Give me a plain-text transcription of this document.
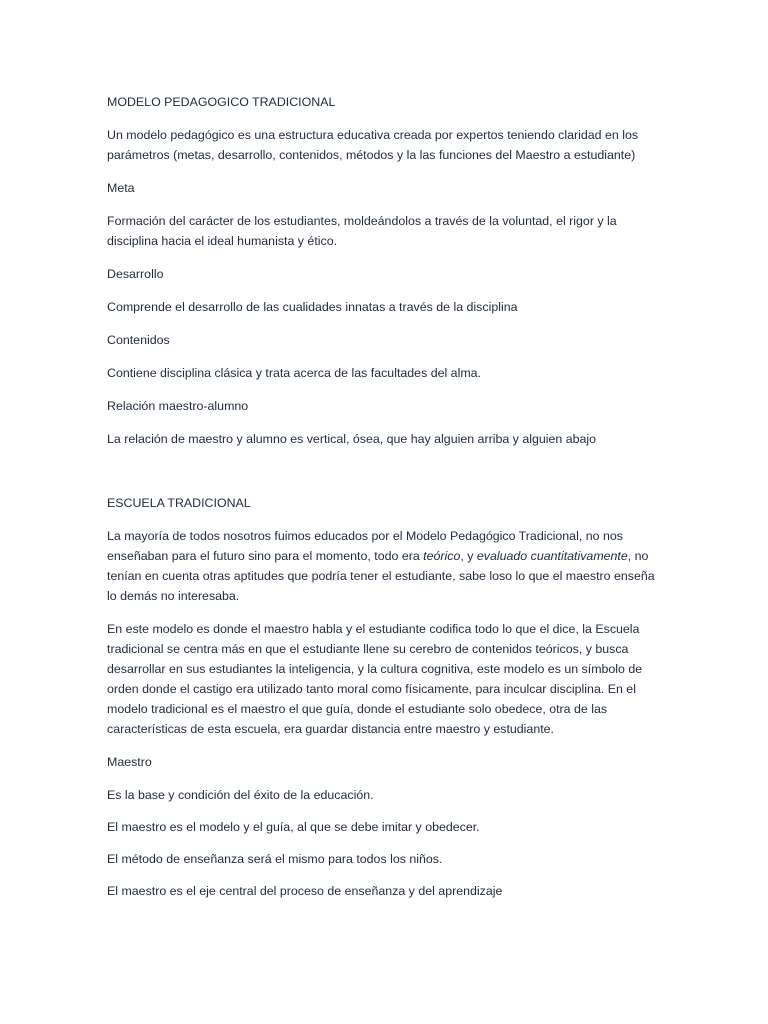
MODELO PEDAGOGICO TRADICIONAL

Un modelo pedagógico es una estructura educativa creada por expertos teniendo claridad en los parámetros (metas, desarrollo, contenidos, métodos y la las funciones del Maestro a estudiante)

Meta

Formación del carácter de los estudiantes, moldeándolos a través de la voluntad, el rigor y la disciplina hacia el ideal humanista y ético.

Desarrollo

Comprende el desarrollo de las cualidades innatas a través de la disciplina

Contenidos

Contiene disciplina clásica y trata acerca de las facultades del alma.

Relación maestro-alumno

La relación de maestro y alumno es vertical, ósea, que hay alguien arriba y alguien abajo

ESCUELA TRADICIONAL

La mayoría de todos nosotros fuimos educados por el Modelo Pedagógico Tradicional, no nos enseñaban para el futuro sino para el momento, todo era teórico, y evaluado cuantitativamente, no tenían en cuenta otras aptitudes que podría tener el estudiante, sabe loso lo que el maestro enseña lo demás no interesaba.

En este modelo es donde el maestro habla y el estudiante codifica todo lo que el dice, la Escuela tradicional se centra más en que el estudiante llene su cerebro de contenidos teóricos, y busca desarrollar en sus estudiantes la inteligencia, y la cultura cognitiva, este modelo es un símbolo de orden donde el castigo era utilizado tanto moral como físicamente, para inculcar disciplina. En el modelo tradicional es el maestro el que guía, donde el estudiante solo obedece, otra de las características de esta escuela, era guardar distancia entre maestro y estudiante.

Maestro

Es la base y condición del éxito de la educación.

El maestro es el modelo y el guía, al que se debe imitar y obedecer.

El método de enseñanza será el mismo para todos los niños.

El maestro es el eje central del proceso de enseñanza y del aprendizaje
